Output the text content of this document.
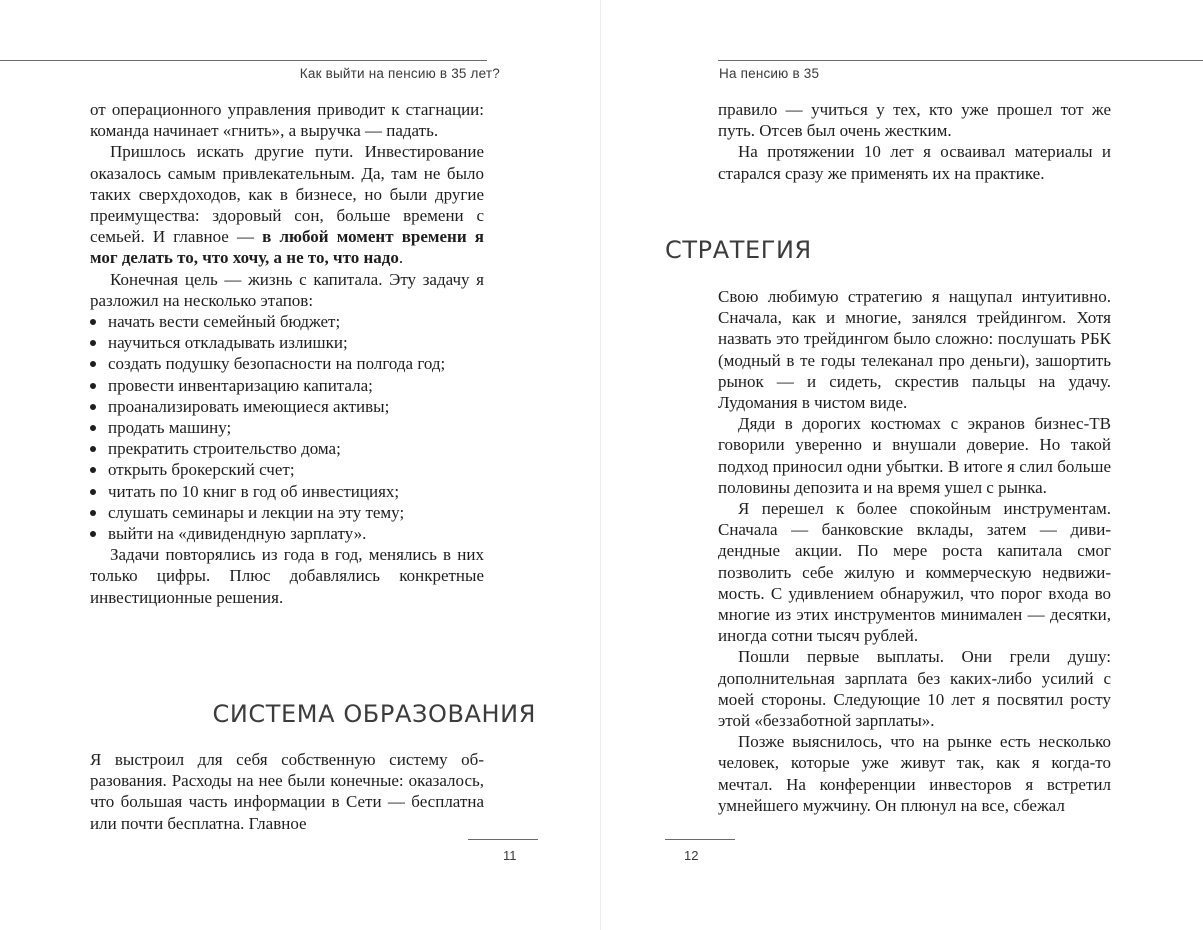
Как выйти на пенсию в 35 лет?

от операционного управления приводит к стагнации: команда начинает «гнить», а выручка — падать.

Пришлось искать другие пути. Инвестирование оказалось самым привлекательным. Да, там не было таких сверхдоходов, как в бизнесе, но были другие преимущества: здоровый сон, больше времени с семьей. И главное — в любой момент времени я мог делать то, что хочу, а не то, что надо.

Конечная цель — жизнь с капитала. Эту задачу я разложил на несколько этапов:

начать вести семейный бюджет;
научиться откладывать излишки;
создать подушку безопасности на полгода год;
провести инвентаризацию капитала;
проанализировать имеющиеся активы;
продать машину;
прекратить строительство дома;
открыть брокерский счет;
читать по 10 книг в год об инвестициях;
слушать семинары и лекции на эту тему;
выйти на «дивидендную зарплату».

Задачи повторялись из года в год, менялись в них только цифры. Плюс добавлялись конкретные инвестиционные решения.

СИСТЕМА ОБРАЗОВАНИЯ

Я выстроил для себя собственную систему образования. Расходы на нее были конечные: оказалось, что большая часть информации в Сети — бесплатна или почти бесплатна. Главное

11
На пенсию в 35

правило — учиться у тех, кто уже прошел тот же путь. Отсев был очень жестким.

На протяжении 10 лет я осваивал материалы и старался сразу же применять их на практике.

СТРАТЕГИЯ

Свою любимую стратегию я нащупал интуитивно. Сначала, как и многие, занялся трейдингом. Хотя назвать это трейдингом было сложно: послушать РБК (модный в те годы телеканал про деньги), зашортить рынок — и сидеть, скрестив пальцы на удачу. Лудомания в чистом виде.

Дяди в дорогих костюмах с экранов бизнес-ТВ говорили уверенно и внушали доверие. Но такой подход приносил одни убытки. В итоге я слил больше половины депозита и на время ушел с рынка.

Я перешел к более спокойным инструментам. Сначала — банковские вклады, затем — дивидендные акции. По мере роста капитала смог позволить себе жилую и коммерческую недвижимость. С удивлением обнаружил, что порог входа во многие из этих инструментов минимален — десятки, иногда сотни тысяч рублей.

Пошли первые выплаты. Они грели душу: дополнительная зарплата без каких-либо усилий с моей стороны. Следующие 10 лет я посвятил росту этой «беззаботной зарплаты».

Позже выяснилось, что на рынке есть несколько человек, которые уже живут так, как я когда-то мечтал. На конференции инвесторов я встретил умнейшего мужчину. Он плюнул на все, сбежал

12
